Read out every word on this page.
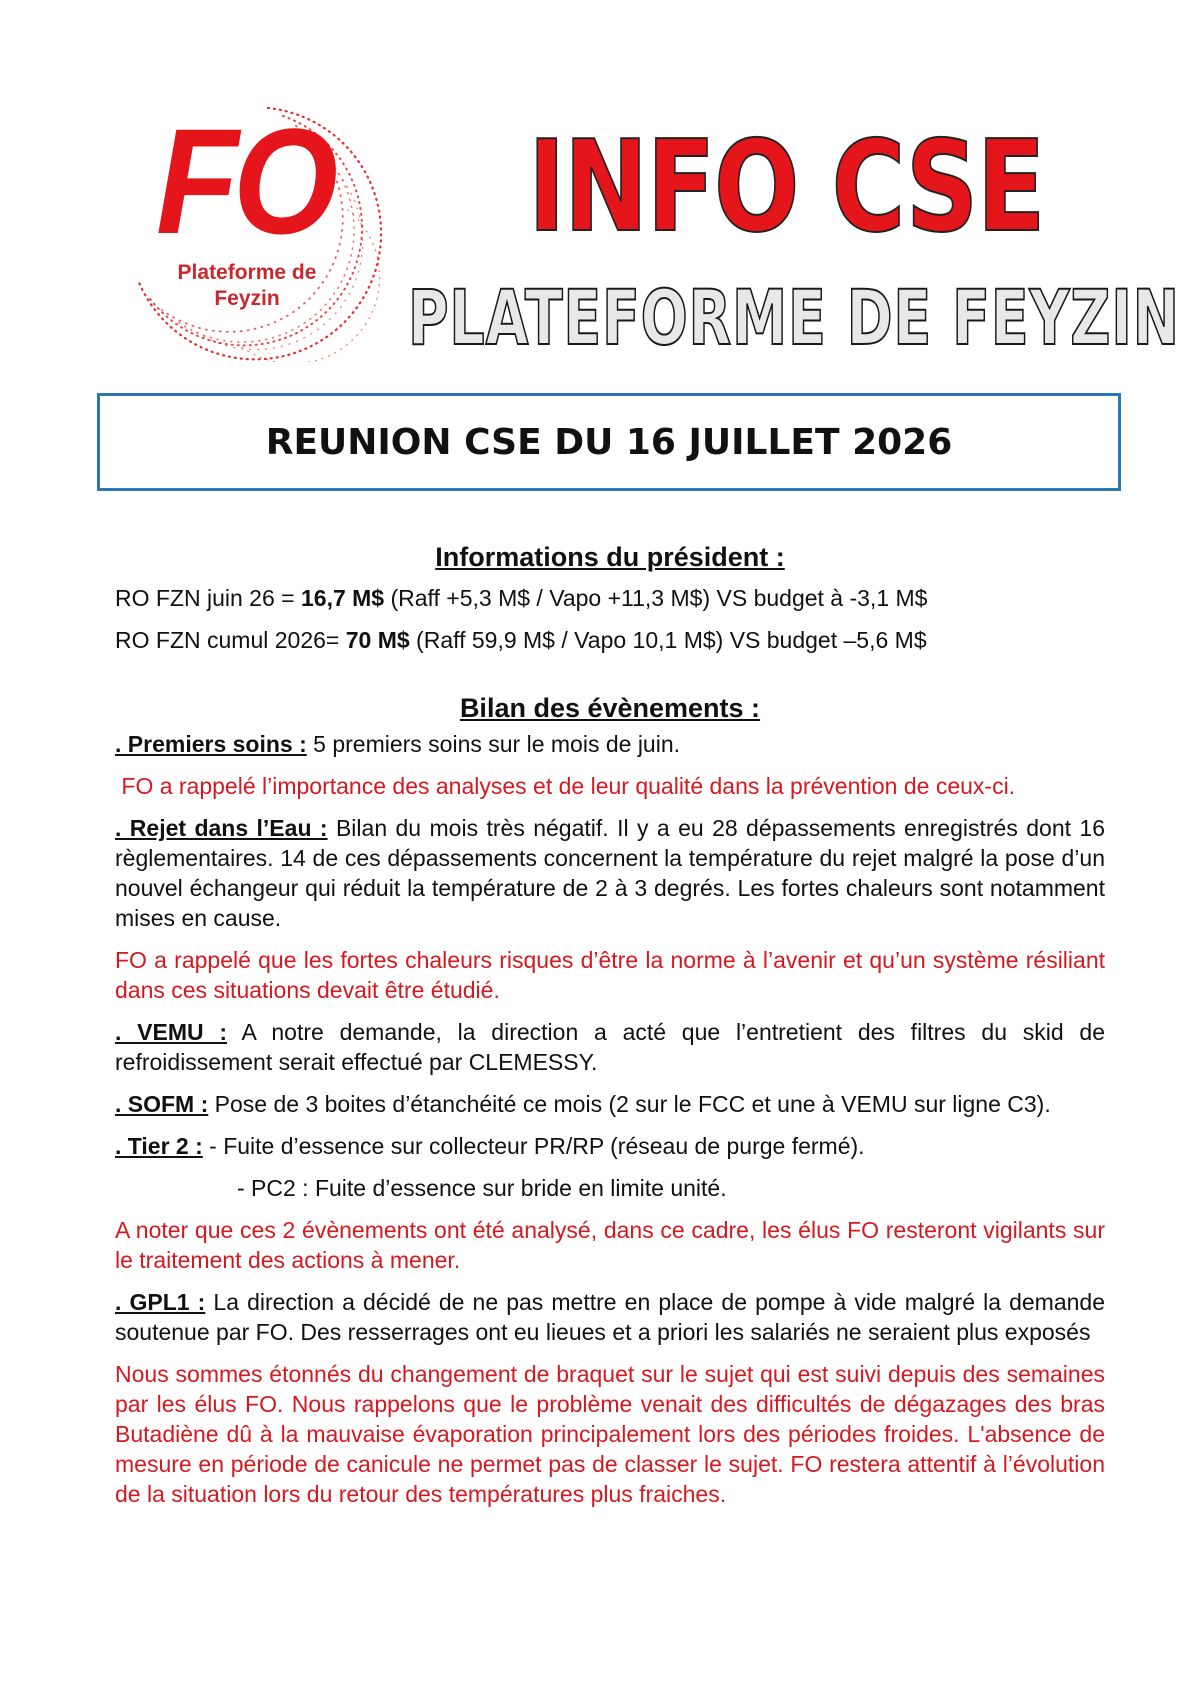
FO
Plateforme de
Feyzin
INFO CSE
PLATEFORME DE FEYZIN
REUNION CSE DU 16 JUILLET 2026
Informations du président :
RO FZN juin 26 = 16,7 M$ (Raff +5,3 M$ / Vapo +11,3 M$) VS budget à -3,1 M$
RO FZN cumul 2026= 70 M$ (Raff 59,9 M$ / Vapo 10,1 M$) VS budget –5,6 M$
Bilan des évènements :
. Premiers soins : 5 premiers soins sur le mois de juin.
FO a rappelé l’importance des analyses et de leur qualité dans la prévention de ceux-ci.
. Rejet dans l’Eau : Bilan du mois très négatif. Il y a eu 28 dépassements enregistrés dont 16 règlementaires. 14 de ces dépassements concernent la température du rejet malgré la pose d’un nouvel échangeur qui réduit la température de 2 à 3 degrés. Les fortes chaleurs sont notamment mises en cause.
FO a rappelé que les fortes chaleurs risques d’être la norme à l’avenir et qu’un système résiliant dans ces situations devait être étudié.
. VEMU : A notre demande, la direction a acté que l’entretient des filtres du skid de refroidissement serait effectué par CLEMESSY.
. SOFM : Pose de 3 boites d’étanchéité ce mois (2 sur le FCC et une à VEMU sur ligne C3).
. Tier 2 : - Fuite d’essence sur collecteur PR/RP (réseau de purge fermé).
- PC2 : Fuite d’essence sur bride en limite unité.
A noter que ces 2 évènements ont été analysé, dans ce cadre, les élus FO resteront vigilants sur le traitement des actions à mener.
. GPL1 : La direction a décidé de ne pas mettre en place de pompe à vide malgré la demande soutenue par FO. Des resserrages ont eu lieues et a priori les salariés ne seraient plus exposés
Nous sommes étonnés du changement de braquet sur le sujet qui est suivi depuis des semaines par les élus FO. Nous rappelons que le problème venait des difficultés de dégazages des bras Butadiène dû à la mauvaise évaporation principalement lors des périodes froides. L'absence de mesure en période de canicule ne permet pas de classer le sujet. FO restera attentif à l’évolution de la situation lors du retour des températures plus fraiches.
